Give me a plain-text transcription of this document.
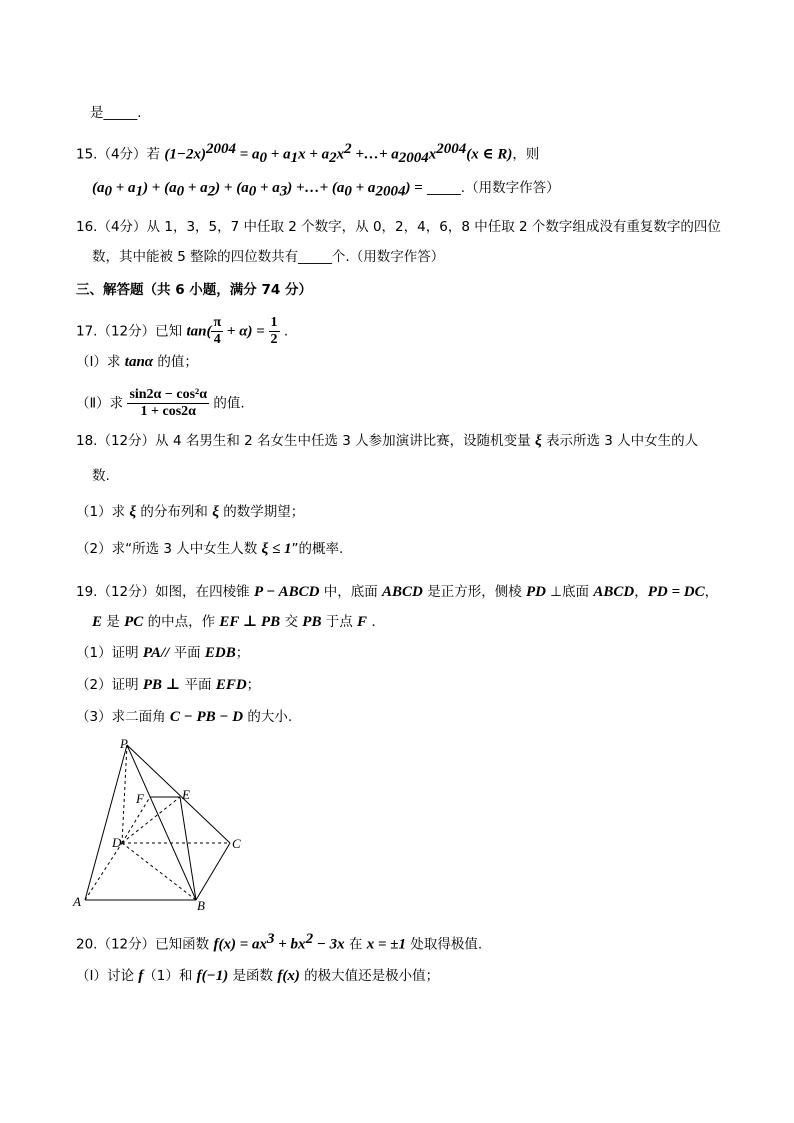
是_____.
15.（4分）若 $(1-2x)^{2004} = a_0 + a_1x + a_2x^2$ +…+ $a_{2004}x^{2004}(x$ ∈ R)，则
$(a_0 + a_1) + (a_0 + a_2) + (a_0 + a_3)$ +…+ $(a_0 + a_{2004})$ = _____.（用数字作答）
16.（4分）从 1，3，5，7 中任取 2 个数字，从 0，2，4，6，8 中任取 2 个数字组成没有重复数字的四位
数，其中能被 5 整除的四位数共有_____个.（用数字作答）
三、解答题（共 6 小题，满分 74 分）
17.（12分）已知 $\tan( \frac{\pi}{4} + \alpha) = \frac{1}{2}$ .
（Ⅰ）求 tanα 的值；
（Ⅱ）求 $\frac{\text{sin2α − cos²α}}{1 + \cos 2\alpha}$ 的值.
18.（12分）从 4 名男生和 2 名女生中任选 3 人参加演讲比赛，设随机变量 ξ 表示所选 3 人中女生的人
数.
（1）求 ξ 的分布列和 ξ 的数学期望；
（2）求“所选 3 人中女生人数 ξ ≤ 1”的概率.
19.（12分）如图，在四棱锥 P − ABCD 中，底面 ABCD 是正方形，侧棱 PD ⊥底面 ABCD，PD = DC，
E 是 PC 的中点，作 EF ⊥ PB 交 PB 于点 F .
（1）证明 PA// 平面 EDB；
（2）证明 PB ⊥ 平面 EFD；
（3）求二面角 C − PB − D 的大小.
20.（12分）已知函数 $f(x) = ax^3 + bx^2 - 3x$ 在 x = ±1 处取得极值.
（Ⅰ）讨论 f（1）和 f(−1) 是函数 f(x) 的极大值还是极小值；
P
F	E
D	C
A	B
